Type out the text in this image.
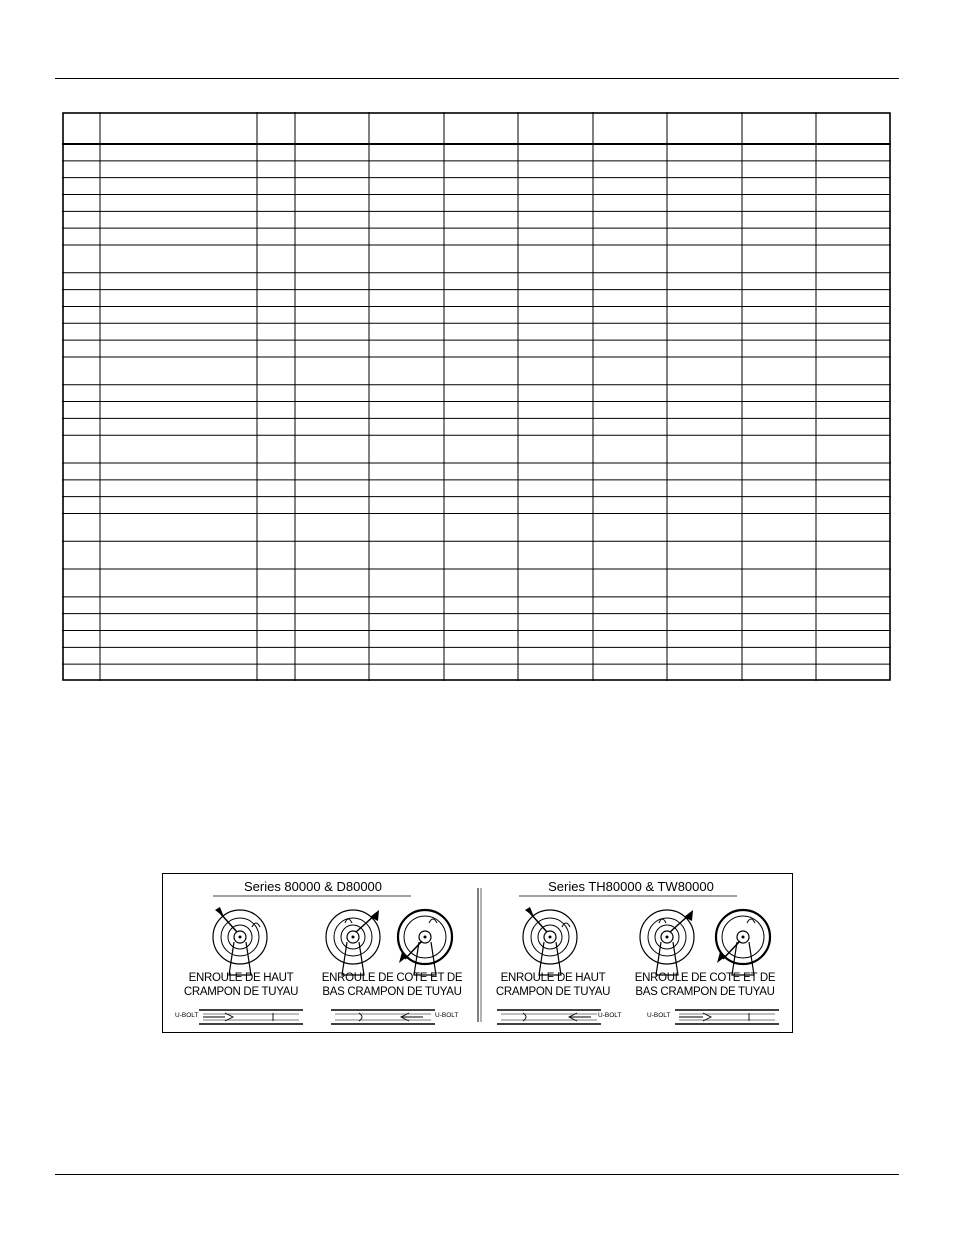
Series 80000 & D80000
ENROULE DE HAUT
CRAMPON DE TUYAU
U-BOLT
ENROULE DE COTE ET DE
BAS CRAMPON DE TUYAU
U-BOLT
Series TH80000 & TW80000
ENROULE DE HAUT
CRAMPON DE TUYAU
U-BOLT
ENROULE DE COTE ET DE
BAS CRAMPON DE TUYAU
U-BOLT
